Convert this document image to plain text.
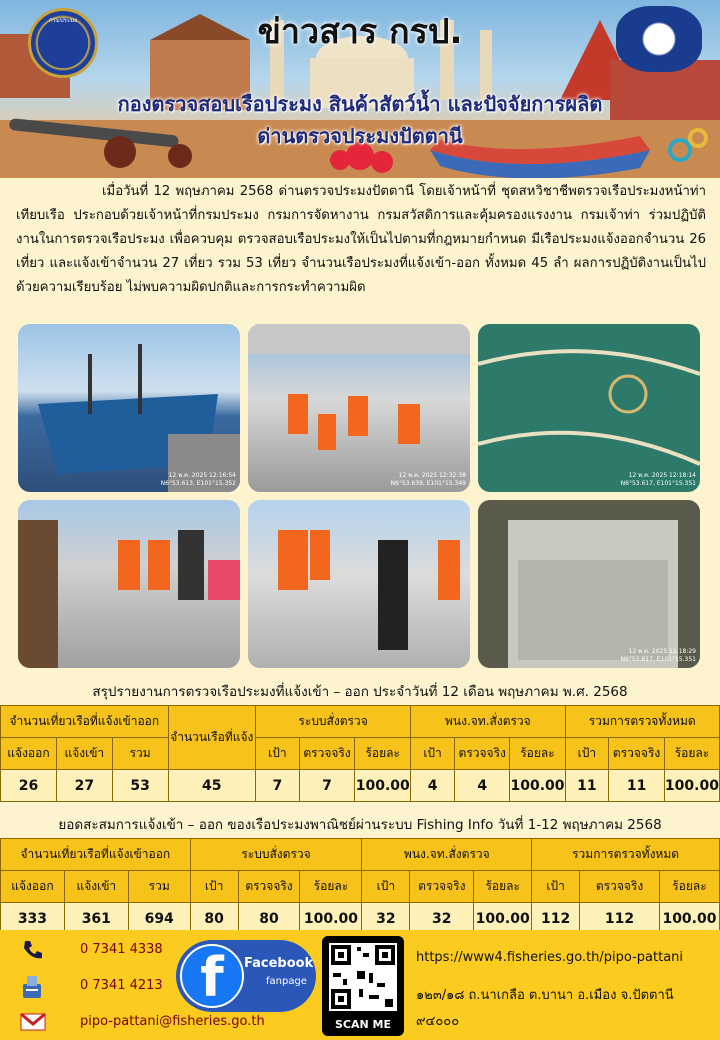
กรมประมง	FISHERY INSPECTION
ข่าวสาร กรป.
กองตรวจสอบเรือประมง สินค้าสัตว์น้ำ และปัจจัยการผลิต
ด่านตรวจประมงปัตตานี
เมื่อวันที่ 12 พฤษภาคม 2568 ด่านตรวจประมงปัตตานี โดยเจ้าหน้าที่ ชุดสหวิชาชีพตรวจเรือประมงหน้าท่าเทียบเรือ ประกอบด้วยเจ้าหน้าที่กรมประมง กรมการจัดหางาน กรมสวัสดิการและคุ้มครองแรงงาน กรมเจ้าท่า ร่วมปฏิบัติงานในการตรวจเรือประมง เพื่อควบคุม ตรวจสอบเรือประมงให้เป็นไปตามที่กฎหมายกำหนด มีเรือประมงแจ้งออกจำนวน 26 เที่ยว และแจ้งเข้าจำนวน 27 เที่ยว รวม 53 เที่ยว จำนวนเรือประมงที่แจ้งเข้า-ออก ทั้งหมด 45 ลำ ผลการปฏิบัติงานเป็นไปด้วยความเรียบร้อย ไม่พบความผิดปกติและการกระทำความผิด
12 พ.ค. 2025 12:16:54
N6°53.613, E101°15.352
12 พ.ค. 2025 12:32:38
N6°53.639, E101°15.349
12 พ.ค. 2025 12:18:14
N6°53.617, E101°15.351

12 พ.ค. 2025 12:18:29
N6°53.617, E101°15.351
สรุปรายงานการตรวจเรือประมงที่แจ้งเข้า – ออก ประจำวันที่ 12 เดือน พฤษภาคม พ.ศ. 2568
จำนวนเที่ยวเรือที่แจ้งเข้าออก			จำนวนเรือที่แจ้ง	ระบบสั่งตรวจ			พนง.จท.สั่งตรวจ			รวมการตรวจทั้งหมด		
แจ้งออก	แจ้งเข้า	รวม		เป้า	ตรวจจริง	ร้อยละ	เป้า	ตรวจจริง	ร้อยละ	เป้า	ตรวจจริง	ร้อยละ
26	27	53	45	7	7	100.00	4	4	100.00	11	11	100.00
ยอดสะสมการแจ้งเข้า – ออก ของเรือประมงพาณิชย์ผ่านระบบ Fishing Info วันที่ 1-12 พฤษภาคม 2568
จำนวนเที่ยวเรือที่แจ้งเข้าออก			ระบบสั่งตรวจ			พนง.จท.สั่งตรวจ			รวมการตรวจทั้งหมด		
แจ้งออก	แจ้งเข้า	รวม	เป้า	ตรวจจริง	ร้อยละ	เป้า	ตรวจจริง	ร้อยละ	เป้า	ตรวจจริง	ร้อยละ
333	361	694	80	80	100.00	32	32	100.00	112	112	100.00
0 7341 4338
0 7341 4213
pipo-pattani@fisheries.go.th
f	Facebook
fanpage
SCAN ME
https://www4.fisheries.go.th/pipo-pattani
๑๒๓/๑๘ ถ.นาเกลือ ต.บานา อ.เมือง จ.ปัตตานี
๙๔๐๐๐
